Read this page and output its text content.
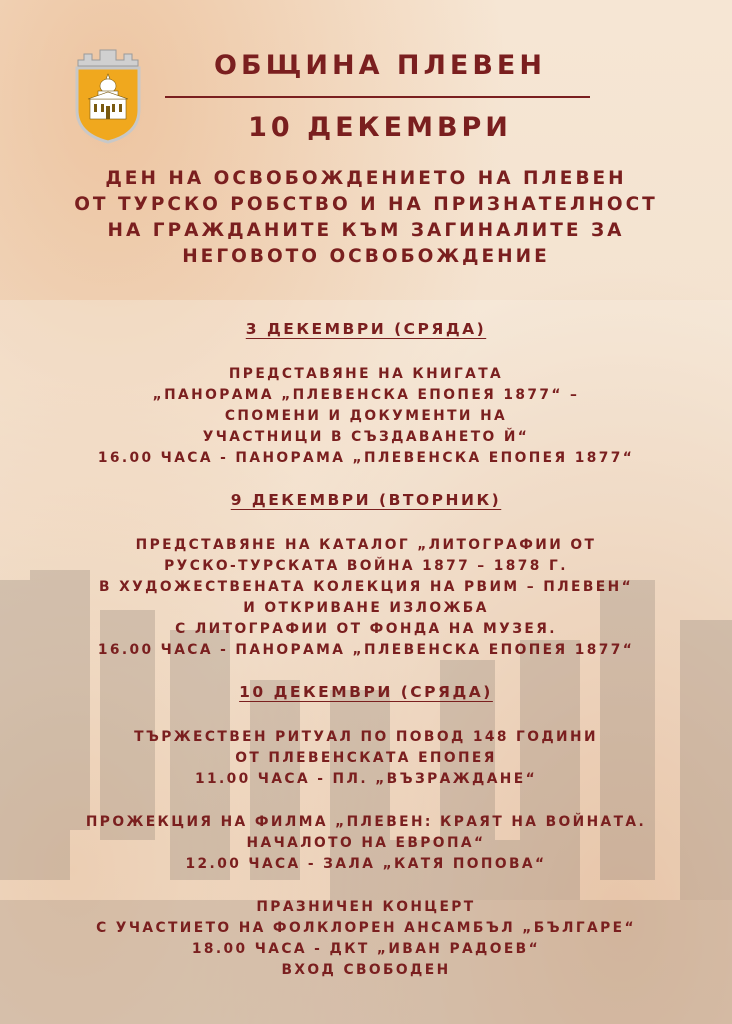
ОБЩИНА ПЛЕВЕН
10 ДЕКЕМВРИ
ДЕН НА ОСВОБОЖДЕНИЕТО НА ПЛЕВЕН
ОТ ТУРСКО РОБСТВО И НА ПРИЗНАТЕЛНОСТ
НА ГРАЖДАНИТЕ КЪМ ЗАГИНАЛИТЕ ЗА
НЕГОВОТО ОСВОБОЖДЕНИЕ
3 ДЕКЕМВРИ (СРЯДА)
ПРЕДСТАВЯНЕ НА КНИГАТА
„ПАНОРАМА „ПЛЕВЕНСКА ЕПОПЕЯ 1877“ –
СПОМЕНИ И ДОКУМЕНТИ НА
УЧАСТНИЦИ В СЪЗДАВАНЕТО Й“
16.00 ЧАСА - ПАНОРАМА „ПЛЕВЕНСКА ЕПОПЕЯ 1877“
9 ДЕКЕМВРИ (ВТОРНИК)
ПРЕДСТАВЯНЕ НА КАТАЛОГ „ЛИТОГРАФИИ ОТ
РУСКО-ТУРСКАТА ВОЙНА 1877 – 1878 Г.
В ХУДОЖЕСТВЕНАТА КОЛЕКЦИЯ НА РВИМ – ПЛЕВЕН“
И ОТКРИВАНЕ ИЗЛОЖБА
С ЛИТОГРАФИИ ОТ ФОНДА НА МУЗЕЯ.
16.00 ЧАСА - ПАНОРАМА „ПЛЕВЕНСКА ЕПОПЕЯ 1877“
10 ДЕКЕМВРИ (СРЯДА)
ТЪРЖЕСТВЕН РИТУАЛ ПО ПОВОД 148 ГОДИНИ
ОТ ПЛЕВЕНСКАТА ЕПОПЕЯ
11.00 ЧАСА - ПЛ. „ВЪЗРАЖДАНЕ“
ПРОЖЕКЦИЯ НА ФИЛМА „ПЛЕВЕН: КРАЯТ НА ВОЙНАТА.
НАЧАЛОТО НА ЕВРОПА“
12.00 ЧАСА - ЗАЛА „КАТЯ ПОПОВА“
ПРАЗНИЧЕН КОНЦЕРТ
С УЧАСТИЕТО НА ФОЛКЛОРЕН АНСАМБЪЛ „БЪЛГАРЕ“
18.00 ЧАСА - ДКТ „ИВАН РАДОЕВ“
ВХОД СВОБОДЕН
